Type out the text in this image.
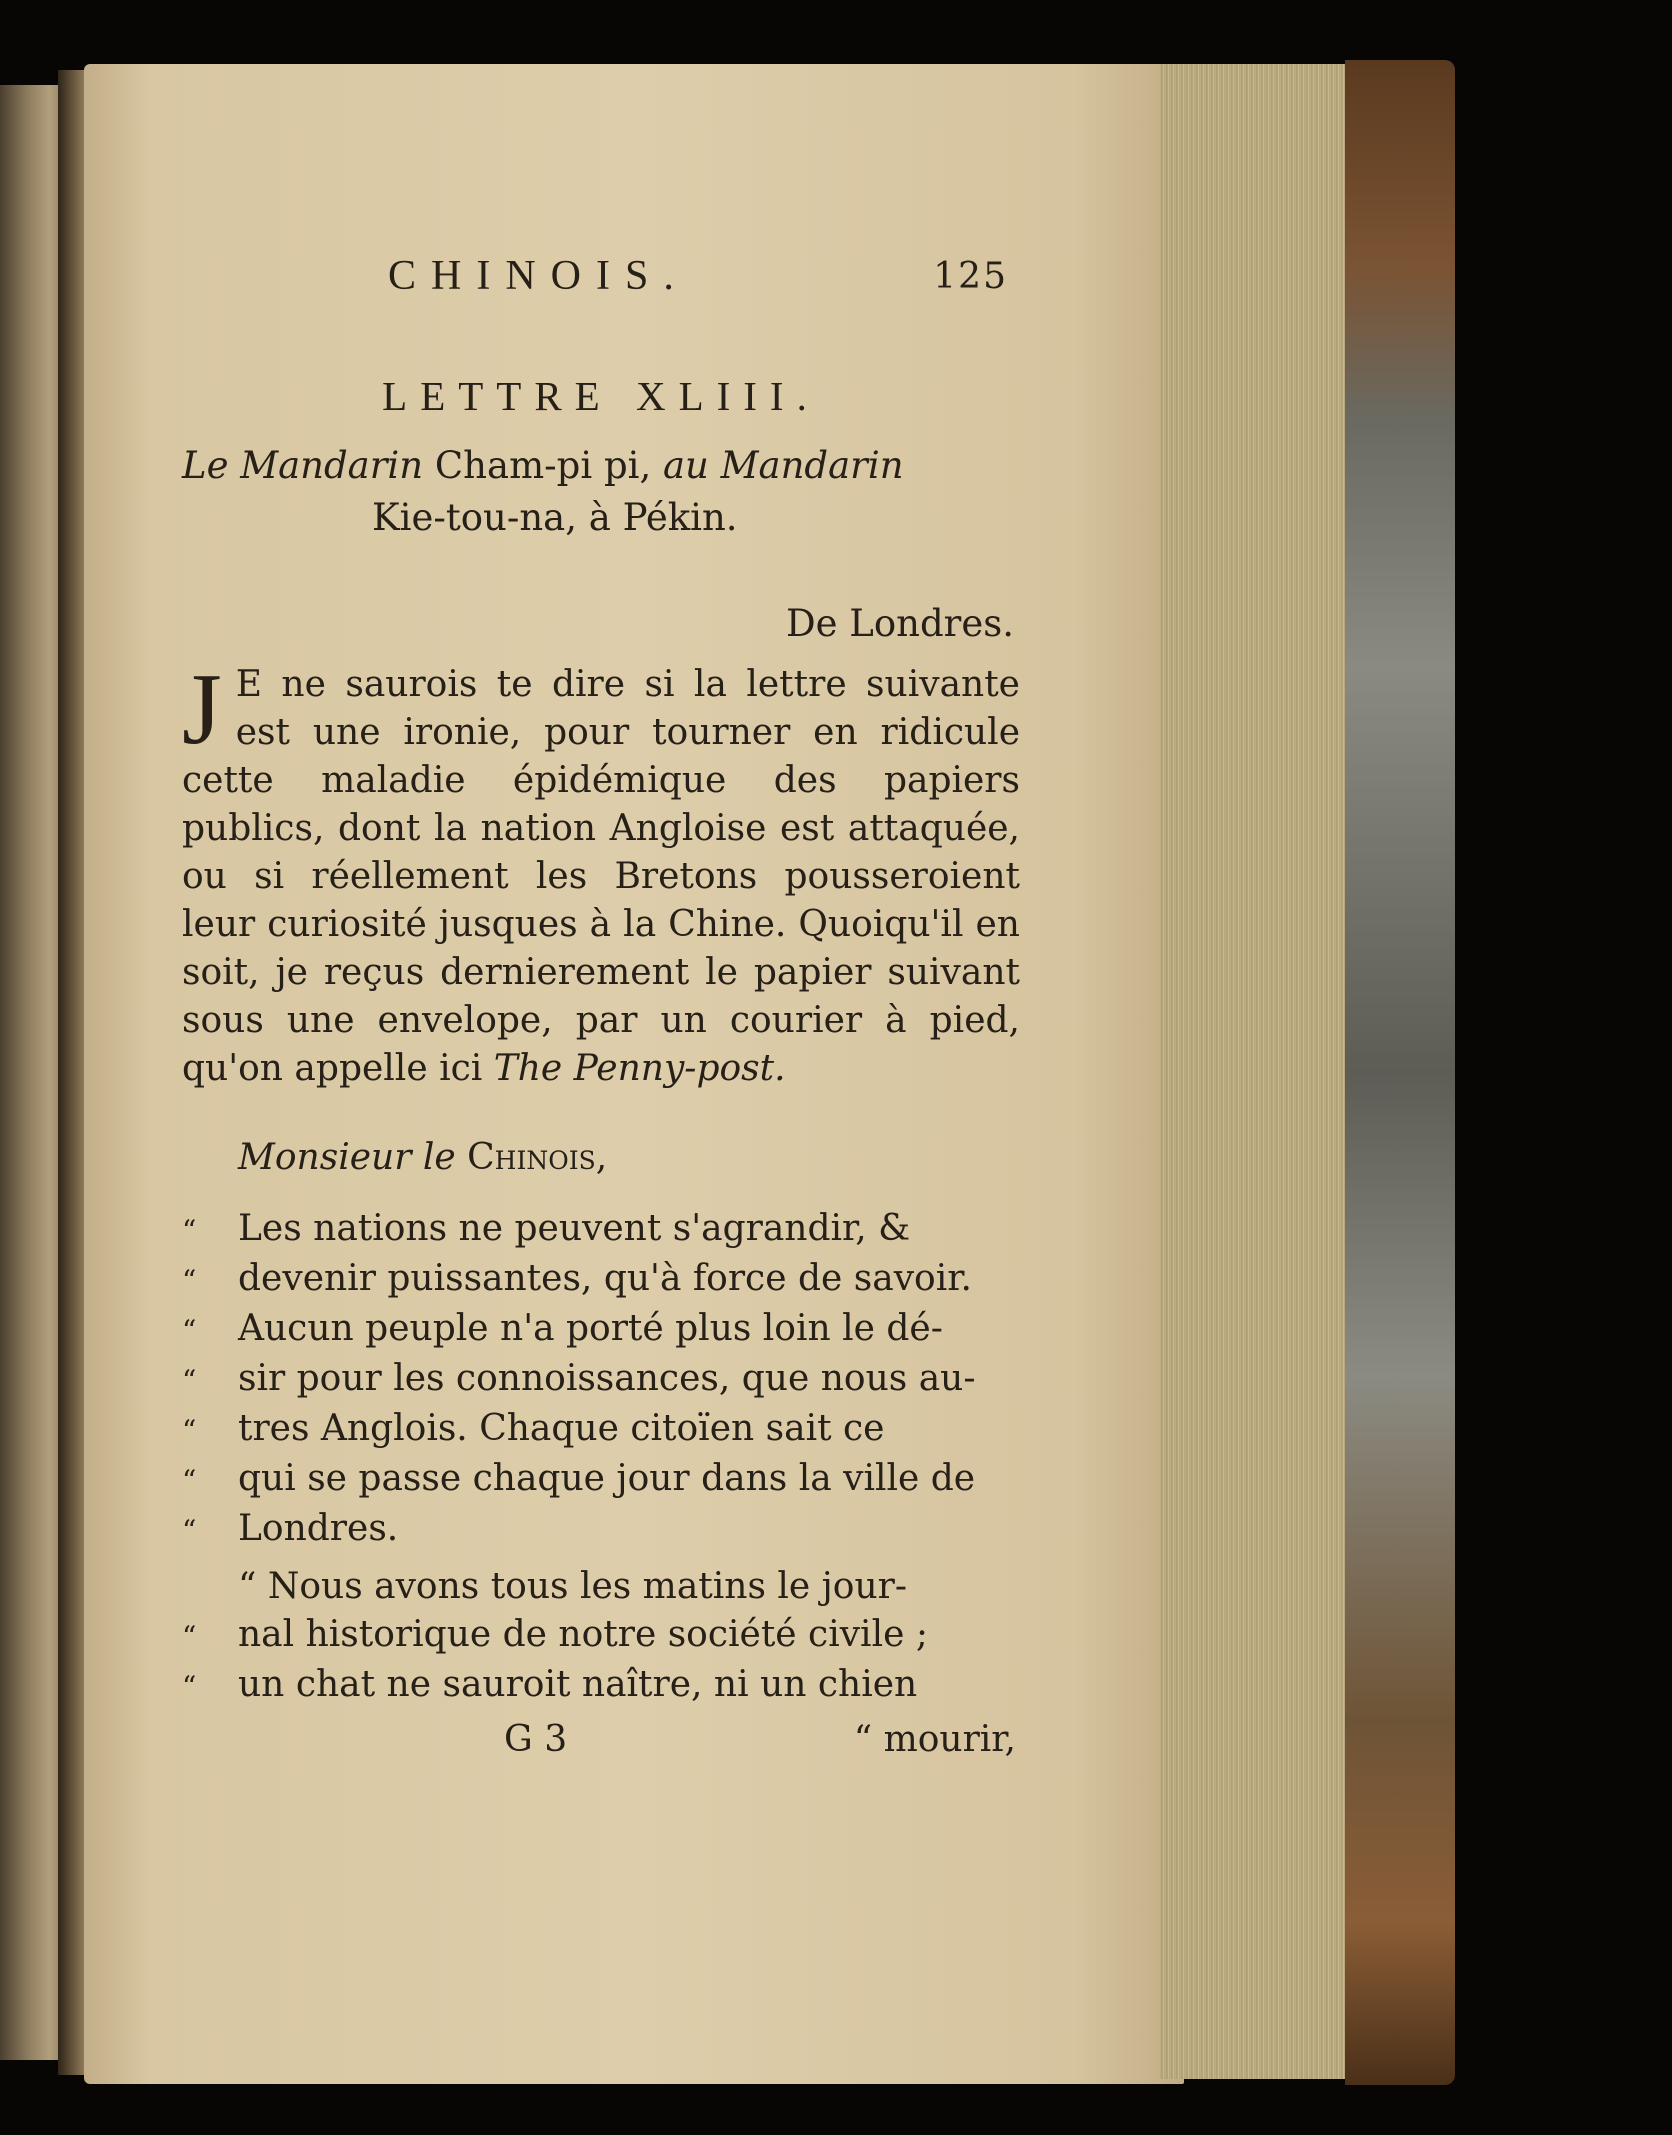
CHINOIS.	125
LETTRE XLIII.
Le Mandarin Cham-pi pi, au Mandarin
Kie-tou-na, à Pékin.
De Londres.
J E ne saurois te dire si la lettre suivante est une ironie, pour tourner en ridicule cette maladie épidémique des papiers publics, dont la nation Angloise est attaquée, ou si réellement les Bretons pousseroient leur curiosité jusques à la Chine. Quoiqu'il en soit, je reçus dernierement le papier suivant sous une envelope, par un courier à pied, qu'on appelle ici The Penny-post.
Monsieur le Chinois,
“	Les nations ne peuvent s'agrandir, &
“	devenir puissantes, qu'à force de savoir.
“	Aucun peuple n'a porté plus loin le dé-
“	sir pour les connoissances, que nous au-
“	tres Anglois. Chaque citoïen sait ce
“	qui se passe chaque jour dans la ville de
“	Londres.
“ Nous avons tous les matins le jour-
“	nal historique de notre société civile ;
“	un chat ne sauroit naître, ni un chien
G 3	“ mourir,
